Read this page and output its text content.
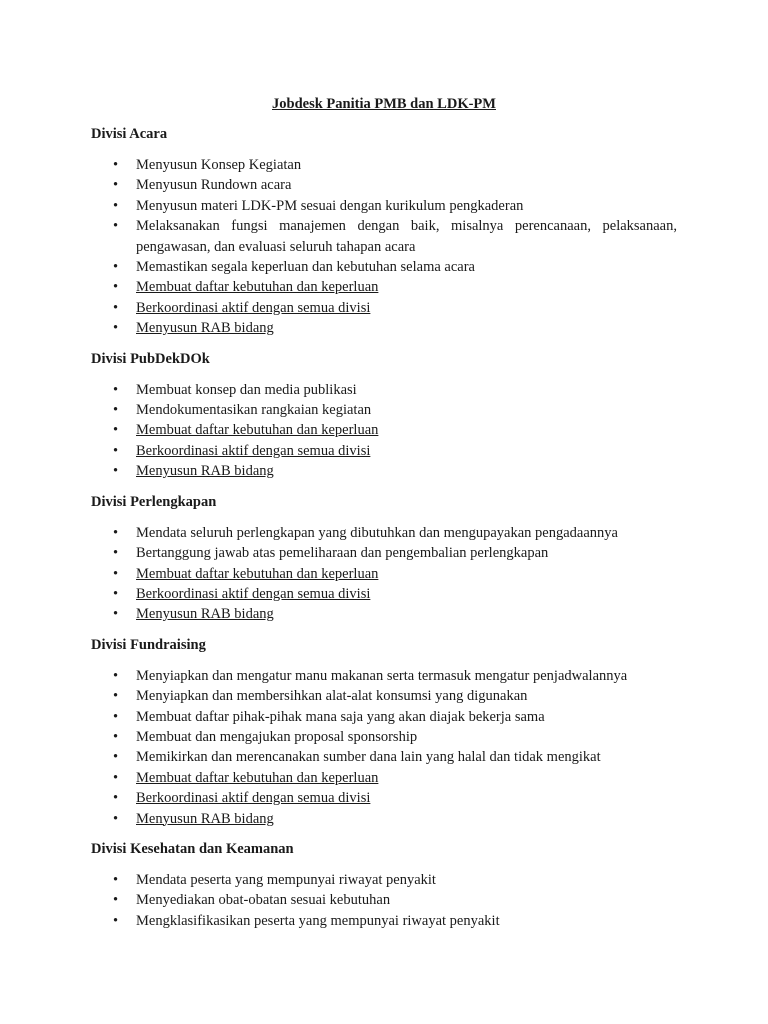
Jobdesk Panitia PMB dan LDK-PM
Divisi Acara
• Menyusun Konsep Kegiatan
• Menyusun Rundown acara
• Menyusun materi LDK-PM sesuai dengan kurikulum pengkaderan
• Melaksanakan fungsi manajemen dengan baik, misalnya perencanaan, pelaksanaan, pengawasan, dan evaluasi seluruh tahapan acara
• Memastikan segala keperluan dan kebutuhan selama acara
• Membuat daftar kebutuhan dan keperluan
• Berkoordinasi aktif dengan semua divisi
• Menyusun RAB bidang
Divisi PubDekDOk
• Membuat konsep dan media publikasi
• Mendokumentasikan rangkaian kegiatan
• Membuat daftar kebutuhan dan keperluan
• Berkoordinasi aktif dengan semua divisi
• Menyusun RAB bidang
Divisi Perlengkapan
• Mendata seluruh perlengkapan yang dibutuhkan dan mengupayakan pengadaannya
• Bertanggung jawab atas pemeliharaan dan pengembalian perlengkapan
• Membuat daftar kebutuhan dan keperluan
• Berkoordinasi aktif dengan semua divisi
• Menyusun RAB bidang
Divisi Fundraising
• Menyiapkan dan mengatur manu makanan serta termasuk mengatur penjadwalannya
• Menyiapkan dan membersihkan alat-alat konsumsi yang digunakan
• Membuat daftar pihak-pihak mana saja yang akan diajak bekerja sama
• Membuat dan mengajukan proposal sponsorship
• Memikirkan dan merencanakan sumber dana lain yang halal dan tidak mengikat
• Membuat daftar kebutuhan dan keperluan
• Berkoordinasi aktif dengan semua divisi
• Menyusun RAB bidang
Divisi Kesehatan dan Keamanan
• Mendata peserta yang mempunyai riwayat penyakit
• Menyediakan obat-obatan sesuai kebutuhan
• Mengklasifikasikan peserta yang mempunyai riwayat penyakit
